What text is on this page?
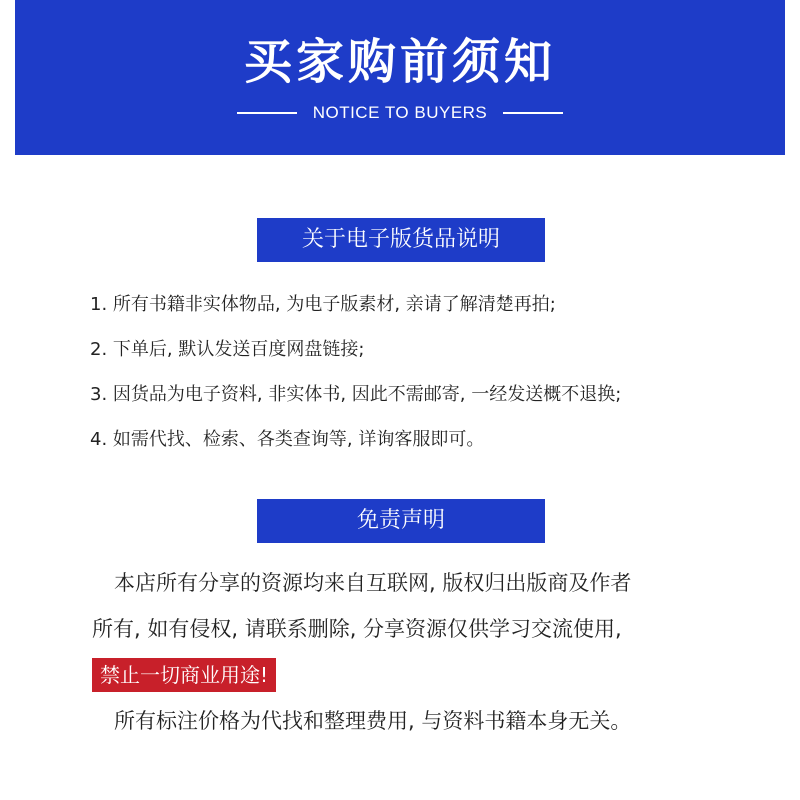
买家购前须知
NOTICE TO BUYERS
关于电子版货品说明
1. 所有书籍非实体物品, 为电子版素材, 亲请了解清楚再拍;
2. 下单后, 默认发送百度网盘链接;
3. 因货品为电子资料, 非实体书, 因此不需邮寄, 一经发送概不退换;
4. 如需代找、检索、各类查询等, 详询客服即可。
免责声明
本店所有分享的资源均来自互联网, 版权归出版商及作者
所有, 如有侵权, 请联系删除, 分享资源仅供学习交流使用,
禁止一切商业用途!
所有标注价格为代找和整理费用, 与资料书籍本身无关。
